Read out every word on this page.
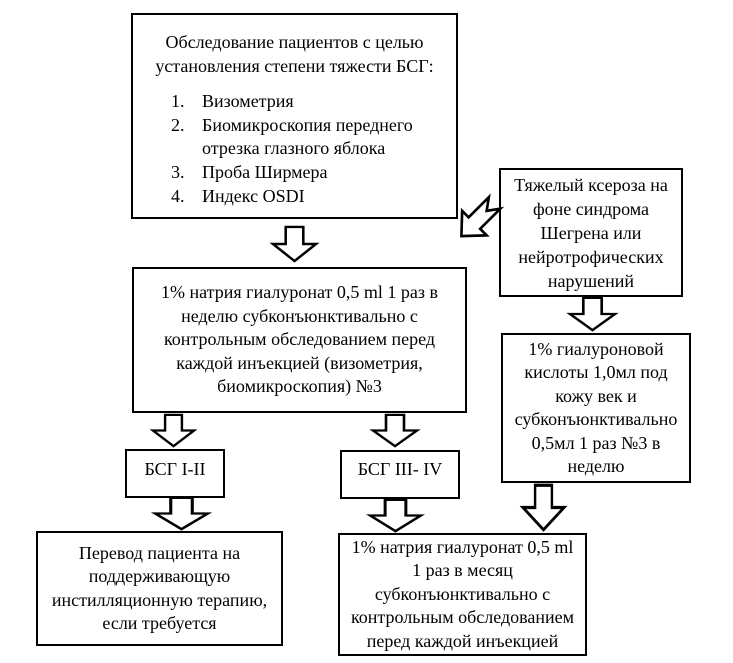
Обследование пациентов с целью
установления степени тяжести БСГ:
1. Визометрия
2. Биомикроскопия переднего отрезка глазного яблока
3. Проба Ширмера
4. Индекс OSDI
Тяжелый ксероза на фоне синдрома Шегрена или нейротрофических нарушений
1% натрия гиалуронат 0,5 ml 1 раз в неделю субконъюнктивально с контрольным обследованием перед каждой инъекцией (визометрия, биомикроскопия) №3
БСГ I-II	БСГ III- IV
Перевод пациента на поддерживающую инстилляционную терапию, если требуется
1% натрия гиалуронат 0,5 ml 1 раз в месяц субконъюнктивально с контрольным обследованием перед каждой инъекцией
1% гиалуроновой кислоты 1,0мл под кожу век и субконъюнктивально 0,5мл 1 раз №3 в неделю
